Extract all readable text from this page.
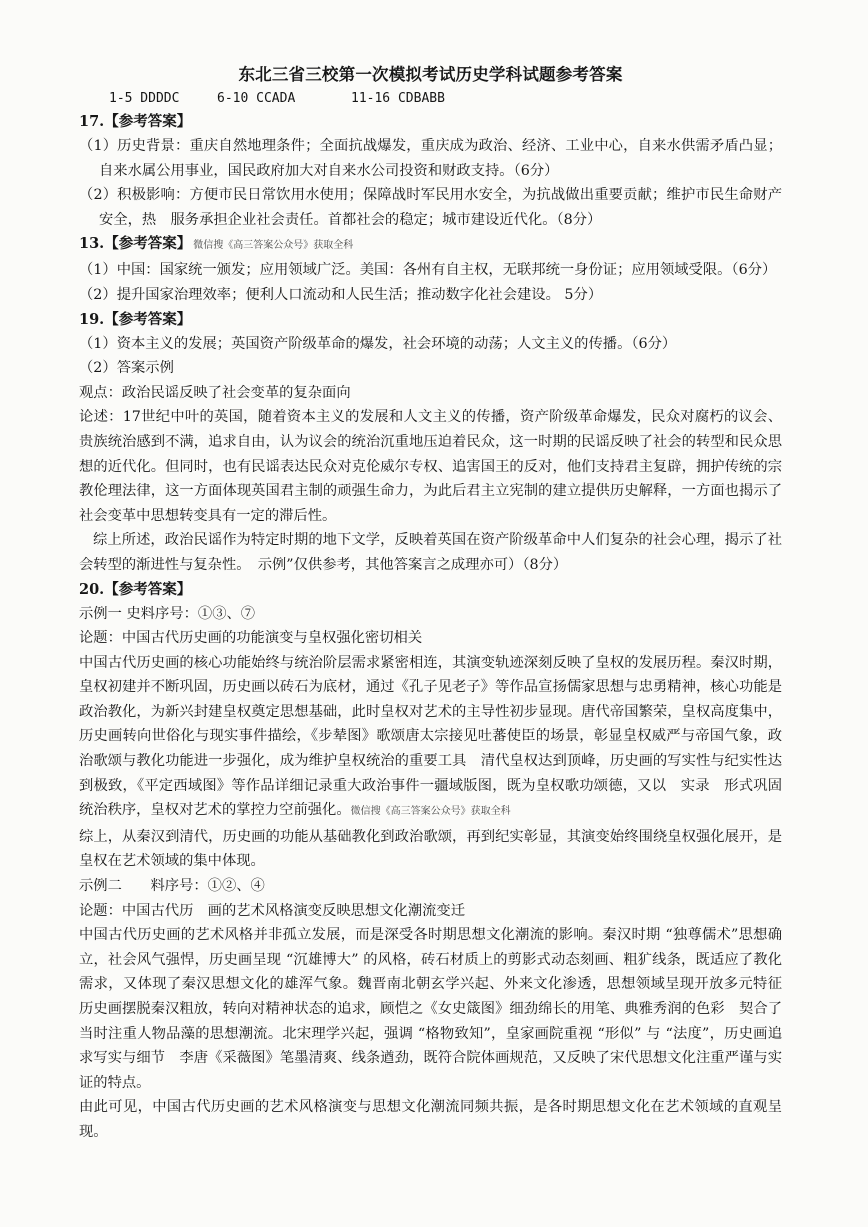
东北三省三校第一次模拟考试历史学科试题参考答案

1-5 DDDDC	6-10 CCADA	11-16 CDBABB

17.【参考答案】

（1）历史背景：重庆自然地理条件；全面抗战爆发，重庆成为政治、经济、工业中心，自来水供需矛盾凸显；自来水属公用事业，国民政府加大对自来水公司投资和财政支持。（6分）

（2）积极影响：方便市民日常饮用水使用；保障战时军民用水安全，为抗战做出重要贡献；维护市民生命财产安全，热　服务承担企业社会责任。首都社会的稳定；城市建设近代化。（8分）

13.【参考答案】 微信搜《高三答案公众号》获取全科

（1）中国：国家统一颁发；应用领域广泛。美国：各州有自主权，无联邦统一身份证；应用领域受限。（6分）

（2）提升国家治理效率；便利人口流动和人民生活；推动数字化社会建设。 5分）

19.【参考答案】

（1）资本主义的发展；英国资产阶级革命的爆发，社会环境的动荡；人文主义的传播。（6分）

（2）答案示例

观点：政治民谣反映了社会变革的复杂面向

论述：17世纪中叶的英国，随着资本主义的发展和人文主义的传播，资产阶级革命爆发，民众对腐朽的议会、贵族统治感到不满，追求自由，认为议会的统治沉重地压迫着民众，这一时期的民谣反映了社会的转型和民众思想的近代化。但同时，也有民谣表达民众对克伦威尔专权、追害国王的反对，他们支持君主复辟，拥护传统的宗教伦理法律，这一方面体现英国君主制的顽强生命力，为此后君主立宪制的建立提供历史解释，一方面也揭示了社会变革中思想转变具有一定的滞后性。

综上所述，政治民谣作为特定时期的地下文学，反映着英国在资产阶级革命中人们复杂的社会心理，揭示了社会转型的渐进性与复杂性。　示例”仅供参考，其他答案言之成理亦可）（8分）

20.【参考答案】

示例一 史料序号：①③、⑦

论题：中国古代历史画的功能演变与皇权强化密切相关

中国古代历史画的核心功能始终与统治阶层需求紧密相连，其演变轨迹深刻反映了皇权的发展历程。秦汉时期，皇权初建并不断巩固，历史画以砖石为底材，通过《孔子见老子》等作品宣扬儒家思想与忠勇精神，核心功能是政治教化，为新兴封建皇权奠定思想基础，此时皇权对艺术的主导性初步显现。唐代帝国繁荣，皇权高度集中，历史画转向世俗化与现实事件描绘，《步辇图》歌颂唐太宗接见吐蕃使臣的场景，彰显皇权威严与帝国气象，政治歌颂与教化功能进一步强化，成为维护皇权统治的重要工具　清代皇权达到顶峰，历史画的写实性与纪实性达到极致，《平定西域图》等作品详细记录重大政治事件一疆域版图，既为皇权歌功颂德，又以　实录　形式巩固统治秩序，皇权对艺术的掌控力空前强化。微信搜《高三答案公众号》获取全科

综上，从秦汉到清代，历史画的功能从基础教化到政治歌颂，再到纪实彰显，其演变始终围绕皇权强化展开，是皇权在艺术领域的集中体现。

示例二　　料序号：①②、④

论题：中国古代历　画的艺术风格演变反映思想文化潮流变迁

中国古代历史画的艺术风格并非孤立发展，而是深受各时期思想文化潮流的影响。秦汉时期 “独尊儒术”思想确立，社会风气强悍，历史画呈现 “沉雄博大” 的风格，砖石材质上的剪影式动态刻画、粗犷线条，既适应了教化需求，又体现了秦汉思想文化的雄浑气象。魏晋南北朝玄学兴起、外来文化渗透，思想领域呈现开放多元特征　历史画摆脱秦汉粗放，转向对精神状态的追求，顾恺之《女史箴图》细劲绵长的用笔、典雅秀润的色彩　契合了当时注重人物品藻的思想潮流。北宋理学兴起，强调 “格物致知”，皇家画院重视 “形似” 与 “法度”，历史画追求写实与细节　李唐《采薇图》笔墨清爽、线条遒劲，既符合院体画规范，又反映了宋代思想文化注重严谨与实证的特点。

由此可见，中国古代历史画的艺术风格演变与思想文化潮流同频共振，是各时期思想文化在艺术领域的直观呈现。
